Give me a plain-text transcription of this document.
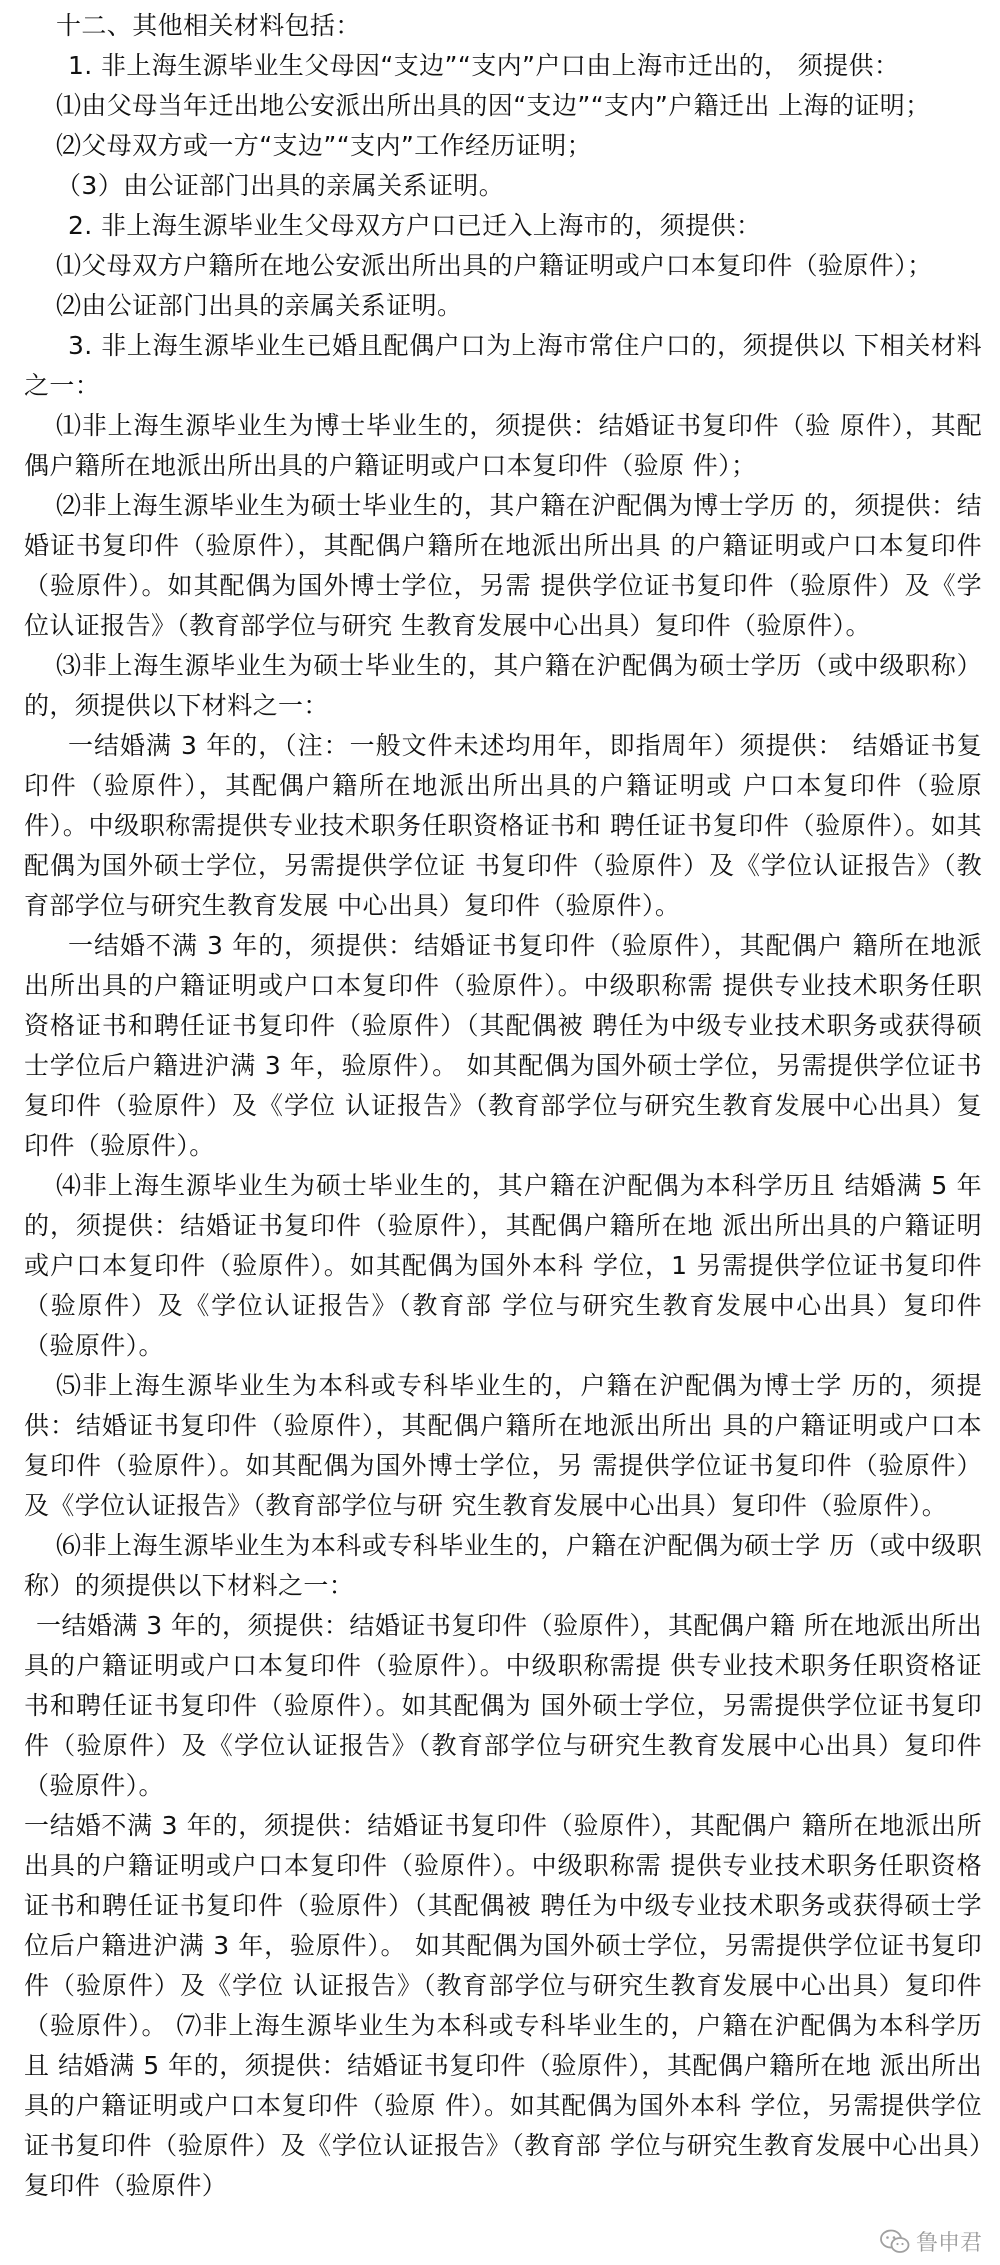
十二、其他相关材料包括：

1. 非上海生源毕业生父母因“支边”“支内”户口由上海市迁出的， 须提供：

⑴由父母当年迁出地公安派出所出具的因“支边”“支内”户籍迁出 上海的证明；

⑵父母双方或一方“支边”“支内”工作经历证明；

（3）由公证部门出具的亲属关系证明。

2. 非上海生源毕业生父母双方户口已迁入上海市的，须提供：

⑴父母双方户籍所在地公安派出所出具的户籍证明或户口本复印件（验原件）；

⑵由公证部门出具的亲属关系证明。

3. 非上海生源毕业生已婚且配偶户口为上海市常住户口的，须提供以 下相关材料之一：

⑴非上海生源毕业生为博士毕业生的，须提供：结婚证书复印件（验 原件），其配偶户籍所在地派出所出具的户籍证明或户口本复印件（验原 件）；

⑵非上海生源毕业生为硕士毕业生的，其户籍在沪配偶为博士学历 的，须提供：结婚证书复印件（验原件），其配偶户籍所在地派出所出具 的户籍证明或户口本复印件（验原件）。如其配偶为国外博士学位，另需 提供学位证书复印件（验原件）及《学位认证报告》（教育部学位与研究 生教育发展中心出具）复印件（验原件）。

⑶非上海生源毕业生为硕士毕业生的，其户籍在沪配偶为硕士学历（或中级职称）的，须提供以下材料之一：

一结婚满 3 年的，（注：一般文件未述均用年，即指周年）须提供： 结婚证书复印件（验原件），其配偶户籍所在地派出所出具的户籍证明或 户口本复印件（验原件）。中级职称需提供专业技术职务任职资格证书和 聘任证书复印件（验原件）。如其配偶为国外硕士学位，另需提供学位证 书复印件（验原件）及《学位认证报告》（教育部学位与研究生教育发展 中心出具）复印件（验原件）。

一结婚不满 3 年的，须提供：结婚证书复印件（验原件），其配偶户 籍所在地派出所出具的户籍证明或户口本复印件（验原件）。中级职称需 提供专业技术职务任职资格证书和聘任证书复印件（验原件）（其配偶被 聘任为中级专业技术职务或获得硕士学位后户籍进沪满 3 年，验原件）。 如其配偶为国外硕士学位，另需提供学位证书复印件（验原件）及《学位 认证报告》（教育部学位与研究生教育发展中心出具）复印件（验原件）。

⑷非上海生源毕业生为硕士毕业生的，其户籍在沪配偶为本科学历且 结婚满 5 年的，须提供：结婚证书复印件（验原件），其配偶户籍所在地 派出所出具的户籍证明或户口本复印件（验原件）。如其配偶为国外本科 学位，1 另需提供学位证书复印件（验原件）及《学位认证报告》（教育部 学位与研究生教育发展中心出具）复印件（验原件）。

⑸非上海生源毕业生为本科或专科毕业生的，户籍在沪配偶为博士学 历的，须提供：结婚证书复印件（验原件），其配偶户籍所在地派出所出 具的户籍证明或户口本复印件（验原件）。如其配偶为国外博士学位，另 需提供学位证书复印件（验原件）及《学位认证报告》（教育部学位与研 究生教育发展中心出具）复印件（验原件）。

⑹非上海生源毕业生为本科或专科毕业生的，户籍在沪配偶为硕士学 历（或中级职称）的须提供以下材料之一：

一结婚满 3 年的，须提供：结婚证书复印件（验原件），其配偶户籍 所在地派出所出具的户籍证明或户口本复印件（验原件）。中级职称需提 供专业技术职务任职资格证书和聘任证书复印件（验原件）。如其配偶为 国外硕士学位，另需提供学位证书复印件（验原件）及《学位认证报告》（教育部学位与研究生教育发展中心出具）复印件（验原件）。

一结婚不满 3 年的，须提供：结婚证书复印件（验原件），其配偶户 籍所在地派出所出具的户籍证明或户口本复印件（验原件）。中级职称需 提供专业技术职务任职资格证书和聘任证书复印件（验原件）（其配偶被 聘任为中级专业技术职务或获得硕士学位后户籍进沪满 3 年，验原件）。 如其配偶为国外硕士学位，另需提供学位证书复印件（验原件）及《学位 认证报告》（教育部学位与研究生教育发展中心出具）复印件（验原件）。 ⑺非上海生源毕业生为本科或专科毕业生的，户籍在沪配偶为本科学历且 结婚满 5 年的，须提供：结婚证书复印件（验原件），其配偶户籍所在地 派出所出具的户籍证明或户口本复印件（验原 件）。如其配偶为国外本科 学位，另需提供学位证书复印件（验原件）及《学位认证报告》（教育部 学位与研究生教育发展中心出具）复印件（验原件）

鲁申君
